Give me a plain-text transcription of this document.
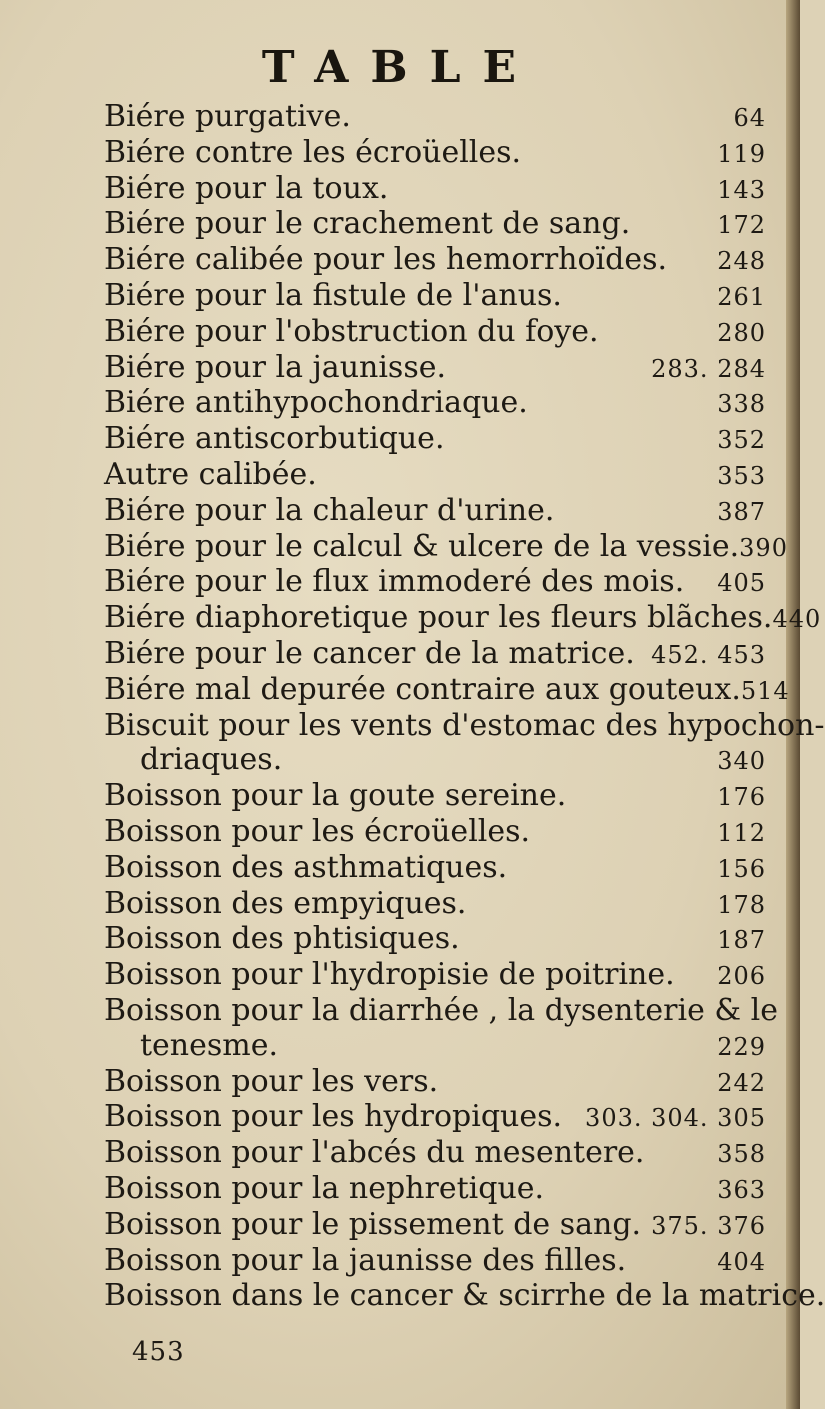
TABLE
Biére purgative.	64
Biére contre les écroüelles.	119
Biére pour la toux.	143
Biére pour le crachement de sang.	172
Biére calibée pour les hemorrhoïdes. 248
Biére pour la fistule de l'anus.	261
Biére pour l'obstruction du foye.	280
Biére pour la jaunisse.	283. 284
Biére antihypochondriaque.	338
Biére antiscorbutique.	352
Autre calibée.	353
Biére pour la chaleur d'urine.	387
Biére pour le calcul & ulcere de la vessie. 390
Biére pour le flux immoderé des mois. 405
Biére diaphoretique pour les fleurs blãches. 440
Biére pour le cancer de la matrice. 452. 453
Biére mal depurée contraire aux gouteux. 514
Biscuit pour les vents d'estomac des hypochon-
driaques.	340
Boisson pour la goute sereine.	176
Boisson pour les écroüelles.	112
Boisson des asthmatiques.	156
Boisson des empyiques.	178
Boisson des phtisiques.	187
Boisson pour l'hydropisie de poitrine. 206
Boisson pour la diarrhée , la dysenterie & le
tenesme.	229
Boisson pour les vers.	242
Boisson pour les hydropiques. 303. 304. 305
Boisson pour l'abcés du mesentere.	358
Boisson pour la nephretique.	363
Boisson pour le pissement de sang. 375. 376
Boisson pour la jaunisse des filles.	404
Boisson dans le cancer & scirrhe de la matrice.
453
